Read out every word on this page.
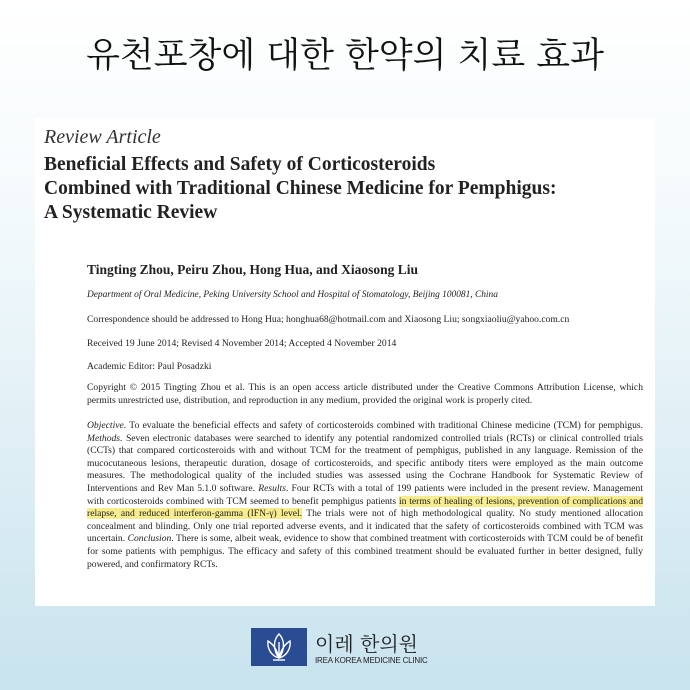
유천포창에 대한 한약의 치료 효과
Review Article
Beneficial Effects and Safety of Corticosteroids
Combined with Traditional Chinese Medicine for Pemphigus:
A Systematic Review
Tingting Zhou, Peiru Zhou, Hong Hua, and Xiaosong Liu
Department of Oral Medicine, Peking University School and Hospital of Stomatology, Beijing 100081, China
Correspondence should be addressed to Hong Hua; honghua68@hotmail.com and Xiaosong Liu; songxiaoliu@yahoo.com.cn
Received 19 June 2014; Revised 4 November 2014; Accepted 4 November 2014
Academic Editor: Paul Posadzki
Copyright © 2015 Tingting Zhou et al. This is an open access article distributed under the Creative Commons Attribution License, which permits unrestricted use, distribution, and reproduction in any medium, provided the original work is properly cited.
Objective. To evaluate the beneficial effects and safety of corticosteroids combined with traditional Chinese medicine (TCM) for pemphigus. Methods. Seven electronic databases were searched to identify any potential randomized controlled trials (RCTs) or clinical controlled trials (CCTs) that compared corticosteroids with and without TCM for the treatment of pemphigus, published in any language. Remission of the mucocutaneous lesions, therapeutic duration, dosage of corticosteroids, and specific antibody titers were employed as the main outcome measures. The methodological quality of the included studies was assessed using the Cochrane Handbook for Systematic Review of Interventions and Rev Man 5.1.0 software. Results. Four RCTs with a total of 199 patients were included in the present review. Management with corticosteroids combined with TCM seemed to benefit pemphigus patients in terms of healing of lesions, prevention of complications and relapse, and reduced interferon-gamma (IFN-γ) level. The trials were not of high methodological quality. No study mentioned allocation concealment and blinding. Only one trial reported adverse events, and it indicated that the safety of corticosteroids combined with TCM was uncertain. Conclusion. There is some, albeit weak, evidence to show that combined treatment with corticosteroids with TCM could be of benefit for some patients with pemphigus. The efficacy and safety of this combined treatment should be evaluated further in better designed, fully powered, and confirmatory RCTs.
이레 한의원
IREA KOREA MEDICINE CLINIC
